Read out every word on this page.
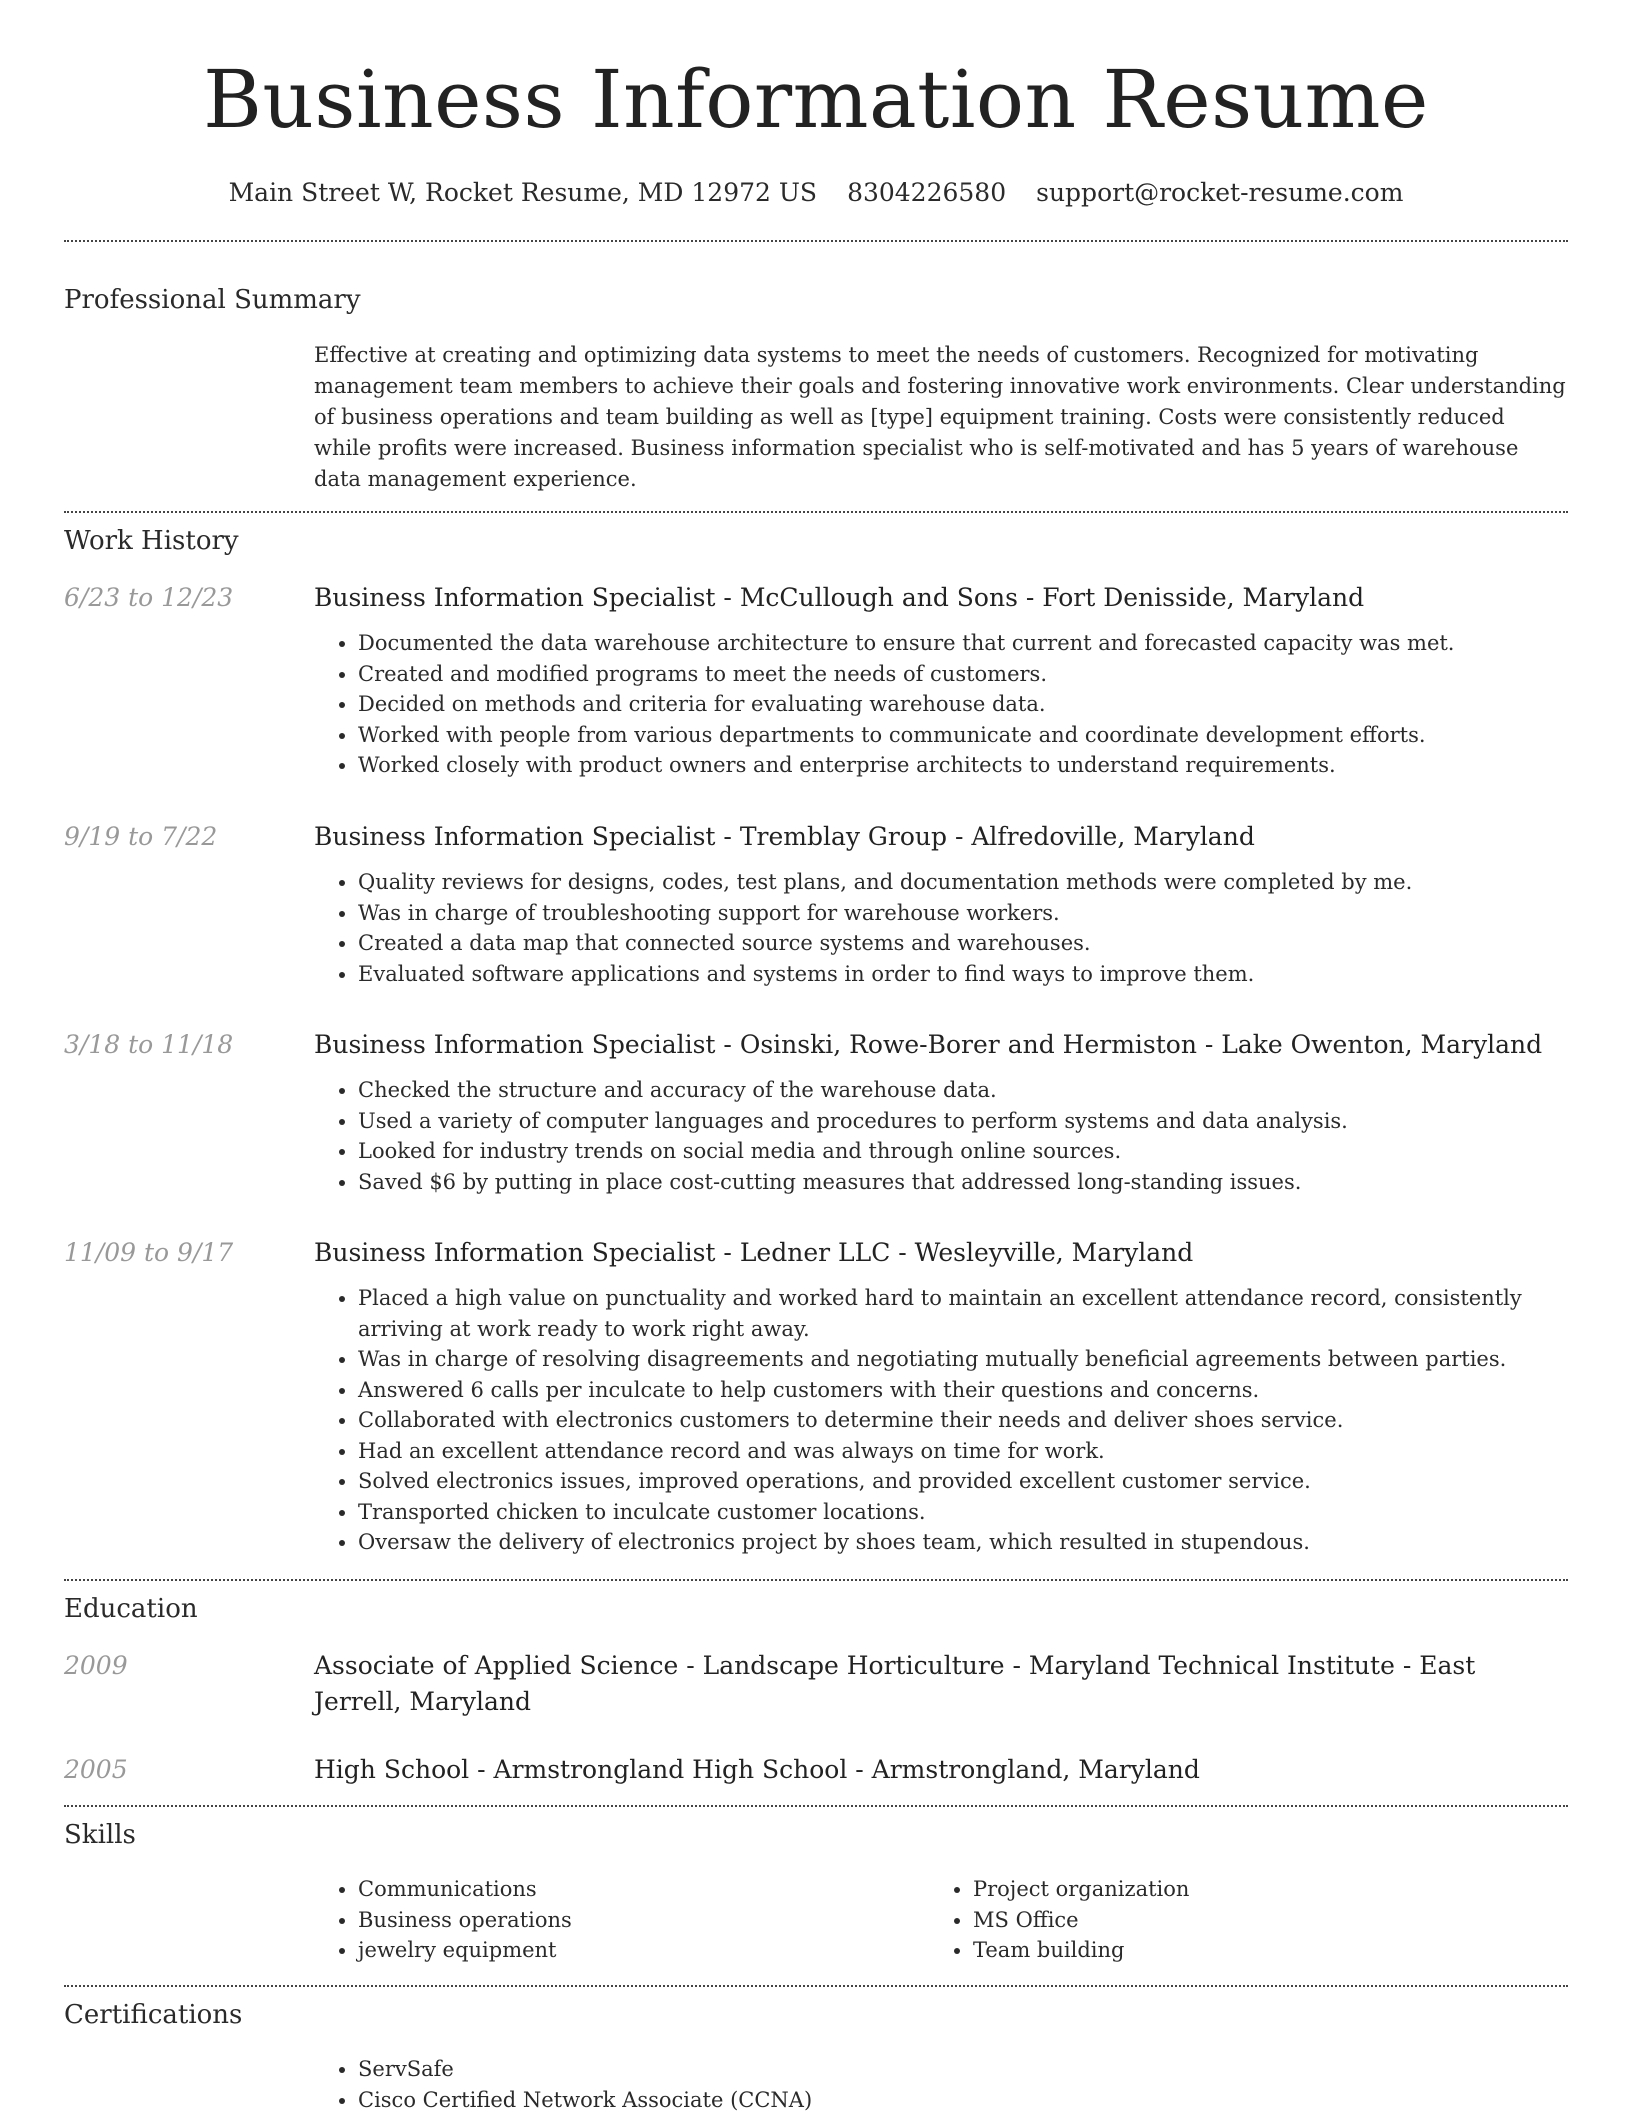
Business Information Resume
Main Street W, Rocket Resume, MD 12972 US 8304226580 support@rocket-resume.com
Professional Summary
Effective at creating and optimizing data systems to meet the needs of customers. Recognized for motivating management team members to achieve their goals and fostering innovative work environments. Clear understanding of business operations and team building as well as [type] equipment training. Costs were consistently reduced while profits were increased. Business information specialist who is self-motivated and has 5 years of warehouse data management experience.
Work History
6/23 to 12/23	Business Information Specialist - McCullough and Sons - Fort Denisside, Maryland
• Documented the data warehouse architecture to ensure that current and forecasted capacity was met.
• Created and modified programs to meet the needs of customers.
• Decided on methods and criteria for evaluating warehouse data.
• Worked with people from various departments to communicate and coordinate development efforts.
• Worked closely with product owners and enterprise architects to understand requirements.
9/19 to 7/22	Business Information Specialist - Tremblay Group - Alfredoville, Maryland
• Quality reviews for designs, codes, test plans, and documentation methods were completed by me.
• Was in charge of troubleshooting support for warehouse workers.
• Created a data map that connected source systems and warehouses.
• Evaluated software applications and systems in order to find ways to improve them.
3/18 to 11/18	Business Information Specialist - Osinski, Rowe-Borer and Hermiston - Lake Owenton, Maryland
• Checked the structure and accuracy of the warehouse data.
• Used a variety of computer languages and procedures to perform systems and data analysis.
• Looked for industry trends on social media and through online sources.
• Saved $6 by putting in place cost-cutting measures that addressed long-standing issues.
11/09 to 9/17	Business Information Specialist - Ledner LLC - Wesleyville, Maryland
• Placed a high value on punctuality and worked hard to maintain an excellent attendance record, consistently arriving at work ready to work right away.
• Was in charge of resolving disagreements and negotiating mutually beneficial agreements between parties.
• Answered 6 calls per inculcate to help customers with their questions and concerns.
• Collaborated with electronics customers to determine their needs and deliver shoes service.
• Had an excellent attendance record and was always on time for work.
• Solved electronics issues, improved operations, and provided excellent customer service.
• Transported chicken to inculcate customer locations.
• Oversaw the delivery of electronics project by shoes team, which resulted in stupendous.
Education
2009	Associate of Applied Science - Landscape Horticulture - Maryland Technical Institute - East Jerrell, Maryland
2005	High School - Armstrongland High School - Armstrongland, Maryland
Skills
• Communications
• Business operations
• jewelry equipment
• Project organization
• MS Office
• Team building
Certifications
• ServSafe
• Cisco Certified Network Associate (CCNA)
